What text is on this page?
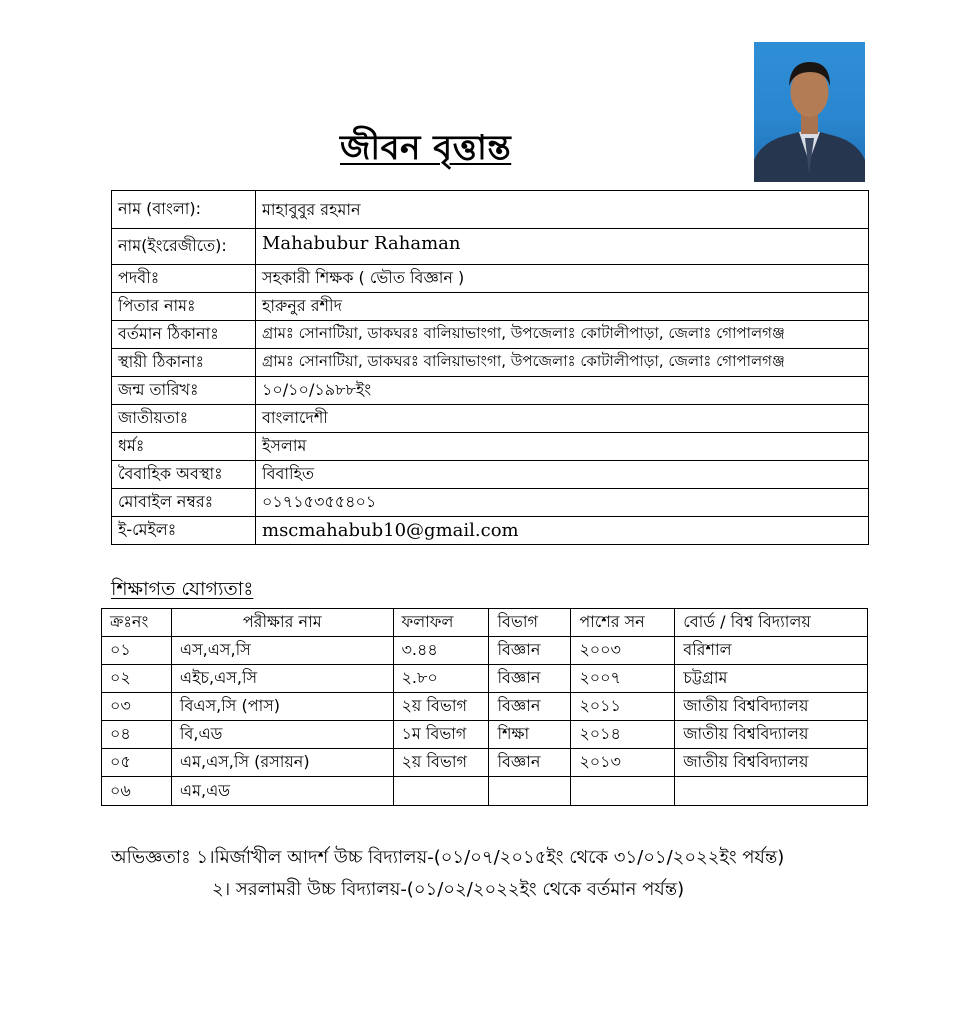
জীবন বৃত্তান্ত
নাম (বাংলা):	মাহাবুবুর রহমান
নাম(ইংরেজীতে):	Mahabubur Rahaman
পদবীঃ	সহকারী শিক্ষক ( ভৌত বিজ্ঞান )
পিতার নামঃ	হারুনুর রশীদ
বর্তমান ঠিকানাঃ	গ্রামঃ সোনাটিয়া, ডাকঘরঃ বালিয়াভাংগা, উপজেলাঃ কোটালীপাড়া, জেলাঃ গোপালগঞ্জ
স্থায়ী ঠিকানাঃ	গ্রামঃ সোনাটিয়া, ডাকঘরঃ বালিয়াভাংগা, উপজেলাঃ কোটালীপাড়া, জেলাঃ গোপালগঞ্জ
জন্ম তারিখঃ	১০/১০/১৯৮৮ইং
জাতীয়তাঃ	বাংলাদেশী
ধর্মঃ	ইসলাম
বৈবাহিক অবস্থাঃ	বিবাহিত
মোবাইল নম্বরঃ	০১৭১৫৩৫৫৪০১
ই-মেইলঃ	mscmahabub10@gmail.com
শিক্ষাগত যোগ্যতাঃ
ক্রঃনং	পরীক্ষার নাম	ফলাফল	বিভাগ	পাশের সন	বোর্ড / বিশ্ব বিদ্যালয়
০১	এস,এস,সি	৩.৪৪	বিজ্ঞান	২০০৩	বরিশাল
০২	এইচ,এস,সি	২.৮০	বিজ্ঞান	২০০৭	চট্টগ্রাম
০৩	বিএস,সি (পাস)	২য় বিভাগ	বিজ্ঞান	২০১১	জাতীয় বিশ্ববিদ্যালয়
০৪	বি,এড	১ম বিভাগ	শিক্ষা	২০১৪	জাতীয় বিশ্ববিদ্যালয়
০৫	এম,এস,সি (রসায়ন)	২য় বিভাগ	বিজ্ঞান	২০১৩	জাতীয় বিশ্ববিদ্যালয়
০৬	এম,এড				
অভিজ্ঞতাঃ ১।মির্জাখীল আদর্শ উচ্চ বিদ্যালয়-(০১/০৭/২০১৫ইং থেকে ৩১/০১/২০২২ইং পর্যন্ত)
২। সরলামরী উচ্চ বিদ্যালয়-(০১/০২/২০২২ইং থেকে বর্তমান পর্যন্ত)
